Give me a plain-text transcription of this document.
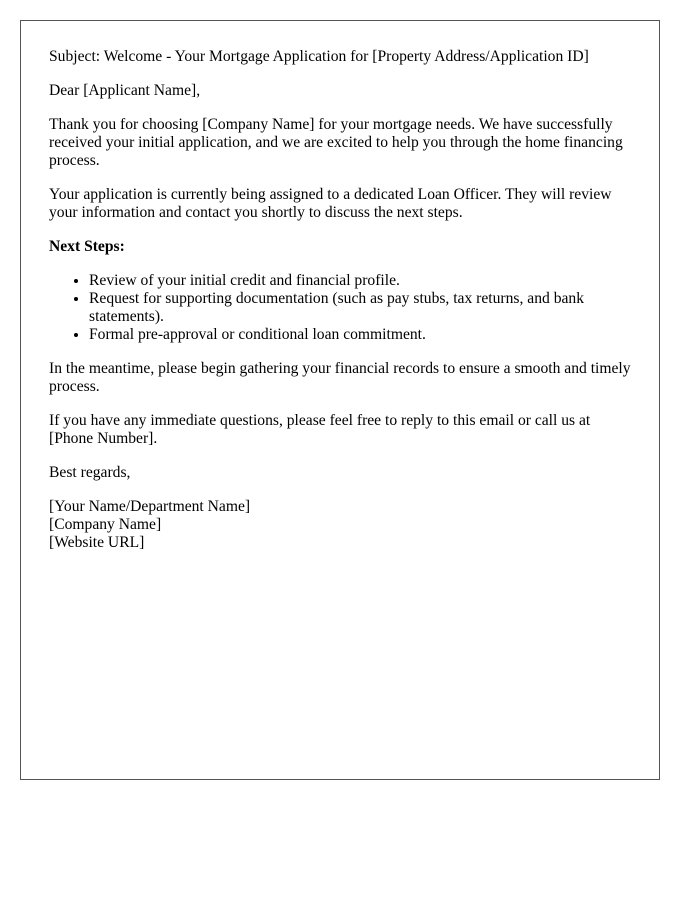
Subject: Welcome - Your Mortgage Application for [Property Address/Application ID]

Dear [Applicant Name],

Thank you for choosing [Company Name] for your mortgage needs. We have successfully received your initial application, and we are excited to help you through the home financing process.

Your application is currently being assigned to a dedicated Loan Officer. They will review your information and contact you shortly to discuss the next steps.

Next Steps:

• Review of your initial credit and financial profile.
• Request for supporting documentation (such as pay stubs, tax returns, and bank statements).
• Formal pre-approval or conditional loan commitment.

In the meantime, please begin gathering your financial records to ensure a smooth and timely process.

If you have any immediate questions, please feel free to reply to this email or call us at [Phone Number].

Best regards,

[Your Name/Department Name]
[Company Name]
[Website URL]
